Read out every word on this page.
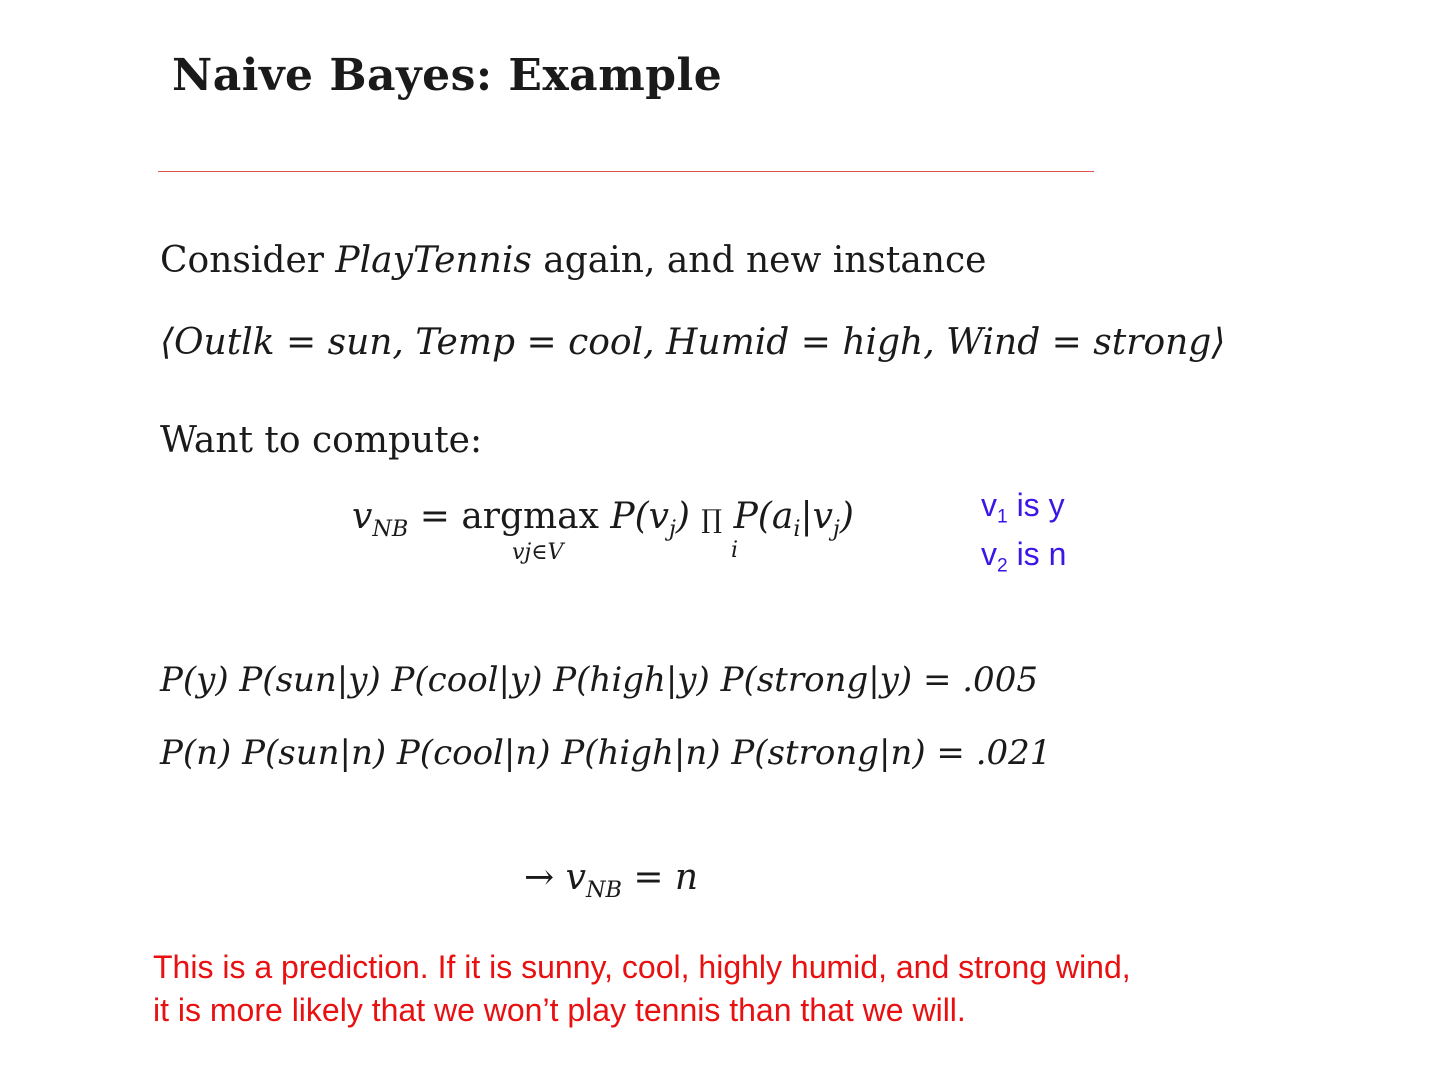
Naive Bayes: Example
Consider PlayTennis again, and new instance
⟨Outlk = sun, Temp = cool, Humid = high, Wind = strong⟩
Want to compute:
$v_{NB} = argmax$ $P(v_j)$ ∏ $P(a_i|v_j)$
vj∈V	i
$v_1$ is y
$v_2$ is n
P(y) P(sun|y) P(cool|y) P(high|y) P(strong|y) = .005
P(n) P(sun|n) P(cool|n) P(high|n) P(strong|n) = .021
→ $v_{NB} = n$
This is a prediction. If it is sunny, cool, highly humid, and strong wind,
it is more likely that we won’t play tennis than that we will.
